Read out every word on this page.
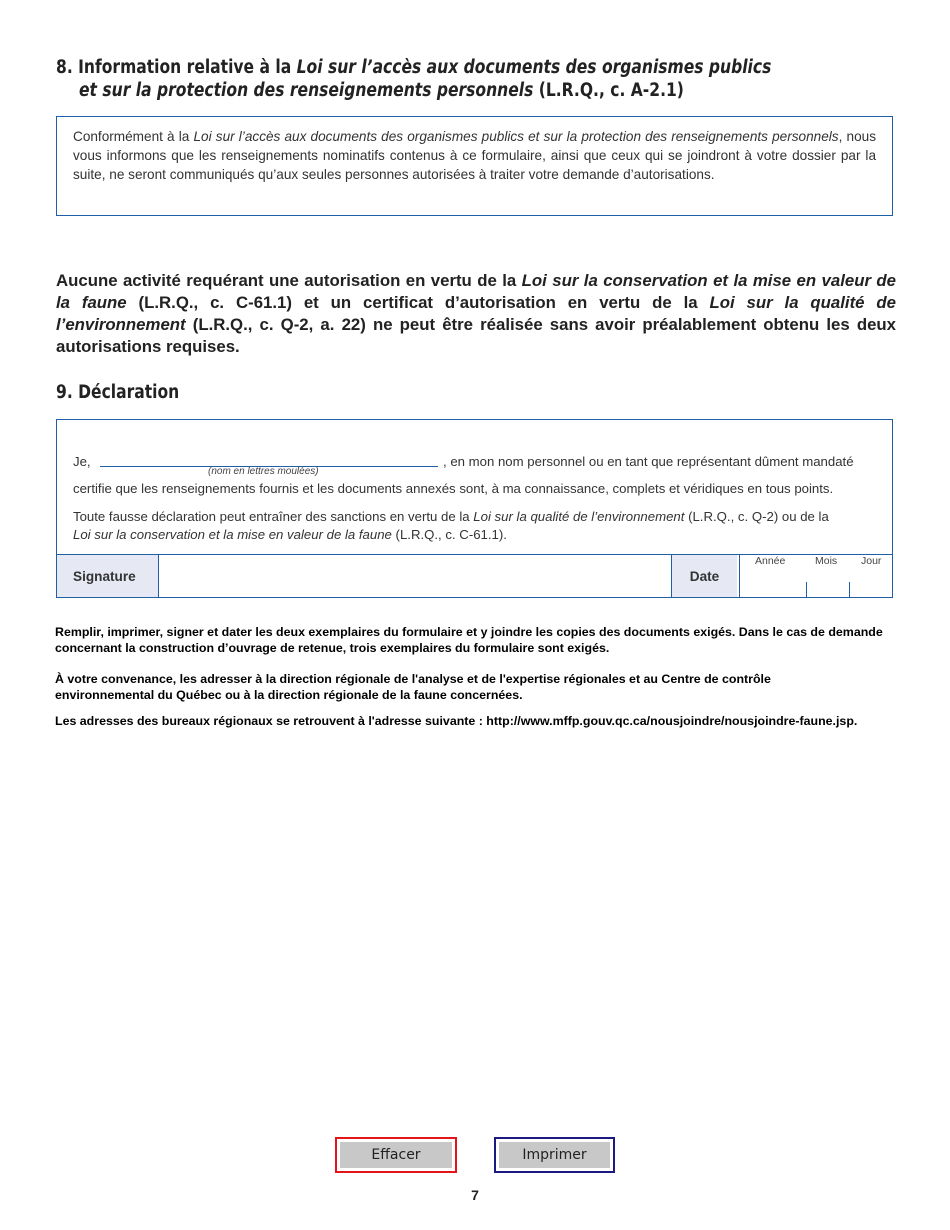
8. Information relative à la Loi sur l’accès aux documents des organismes publics
et sur la protection des renseignements personnels (L.R.Q., c. A-2.1)

Conformément à la Loi sur l’accès aux documents des organismes publics et sur la protection des renseignements personnels, nous vous informons que les renseignements nominatifs contenus à ce formulaire, ainsi que ceux qui se joindront à votre dossier par la suite, ne seront communiqués qu’aux seules personnes autorisées à traiter votre demande d’autorisations.

Aucune activité requérant une autorisation en vertu de la Loi sur la conservation et la mise en valeur de la faune (L.R.Q., c. C-61.1) et un certificat d’autorisation en vertu de la Loi sur la qualité de l’environnement (L.R.Q., c. Q-2, a. 22) ne peut être réalisée sans avoir préalablement obtenu les deux autorisations requises.

9. Déclaration
Je,
(nom en lettres moulées)
, en mon nom personnel ou en tant que représentant dûment mandaté
certifie que les renseignements fournis et les documents annexés sont, à ma connaissance, complets et véridiques en tous points.
Toute fausse déclaration peut entraîner des sanctions en vertu de la Loi sur la qualité de l’environnement (L.R.Q., c. Q-2) ou de la
Loi sur la conservation et la mise en valeur de la faune (L.R.Q., c. C-61.1).
Signature	Date
Année	Mois Jour

Remplir, imprimer, signer et dater les deux exemplaires du formulaire et y joindre les copies des documents exigés. Dans le cas de demande concernant la construction d’ouvrage de retenue, trois exemplaires du formulaire sont exigés.

À votre convenance, les adresser à la direction régionale de l'analyse et de l'expertise régionales et au Centre de contrôle environnemental du Québec ou à la direction régionale de la faune concernées.

Les adresses des bureaux régionaux se retrouvent à l'adresse suivante : http://www.mffp.gouv.qc.ca/nousjoindre/nousjoindre-faune.jsp.

Effacer	Imprimer
7
